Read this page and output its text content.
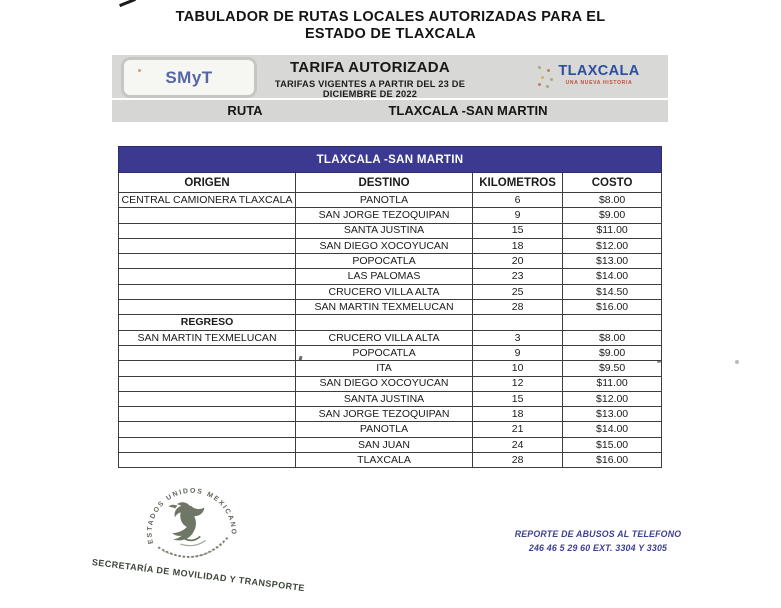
TABULADOR DE RUTAS LOCALES AUTORIZADAS PARA EL
ESTADO DE TLAXCALA
SMyT	TARIFA AUTORIZADA
TARIFAS VIGENTES A PARTIR DEL 23 DE DICIEMBRE DE 2022
TLAXCALA
UNA NUEVA HISTORIA
RUTA	TLAXCALA -SAN MARTIN
TLAXCALA -SAN MARTIN			
ORIGEN	DESTINO	KILOMETROS	COSTO
CENTRAL CAMIONERA TLAXCALA	PANOTLA	6	$8.00
	SAN JORGE TEZOQUIPAN	9	$9.00
	SANTA JUSTINA	15	$11.00
	SAN DIEGO XOCOYUCAN	18	$12.00
	POPOCATLA	20	$13.00
	LAS PALOMAS	23	$14.00
	CRUCERO VILLA ALTA	25	$14.50
	SAN MARTIN TEXMELUCAN	28	$16.00
REGRESO			
SAN MARTIN TEXMELUCAN	CRUCERO VILLA ALTA	3	$8.00
	POPOCATLA	9	$9.00
	ITA	10	$9.50
	SAN DIEGO XOCOYUCAN	12	$11.00
	SANTA JUSTINA	15	$12.00
	SAN JORGE TEZOQUIPAN	18	$13.00
	PANOTLA	21	$14.00
	SAN JUAN	24	$15.00
	TLAXCALA	28	$16.00
ESTADOS UNIDOS MEXICANOS
SECRETARÍA DE MOVILIDAD Y TRANSPORTE
REPORTE DE ABUSOS AL TELEFONO
246 46 5 29 60 EXT. 3304 Y 3305
